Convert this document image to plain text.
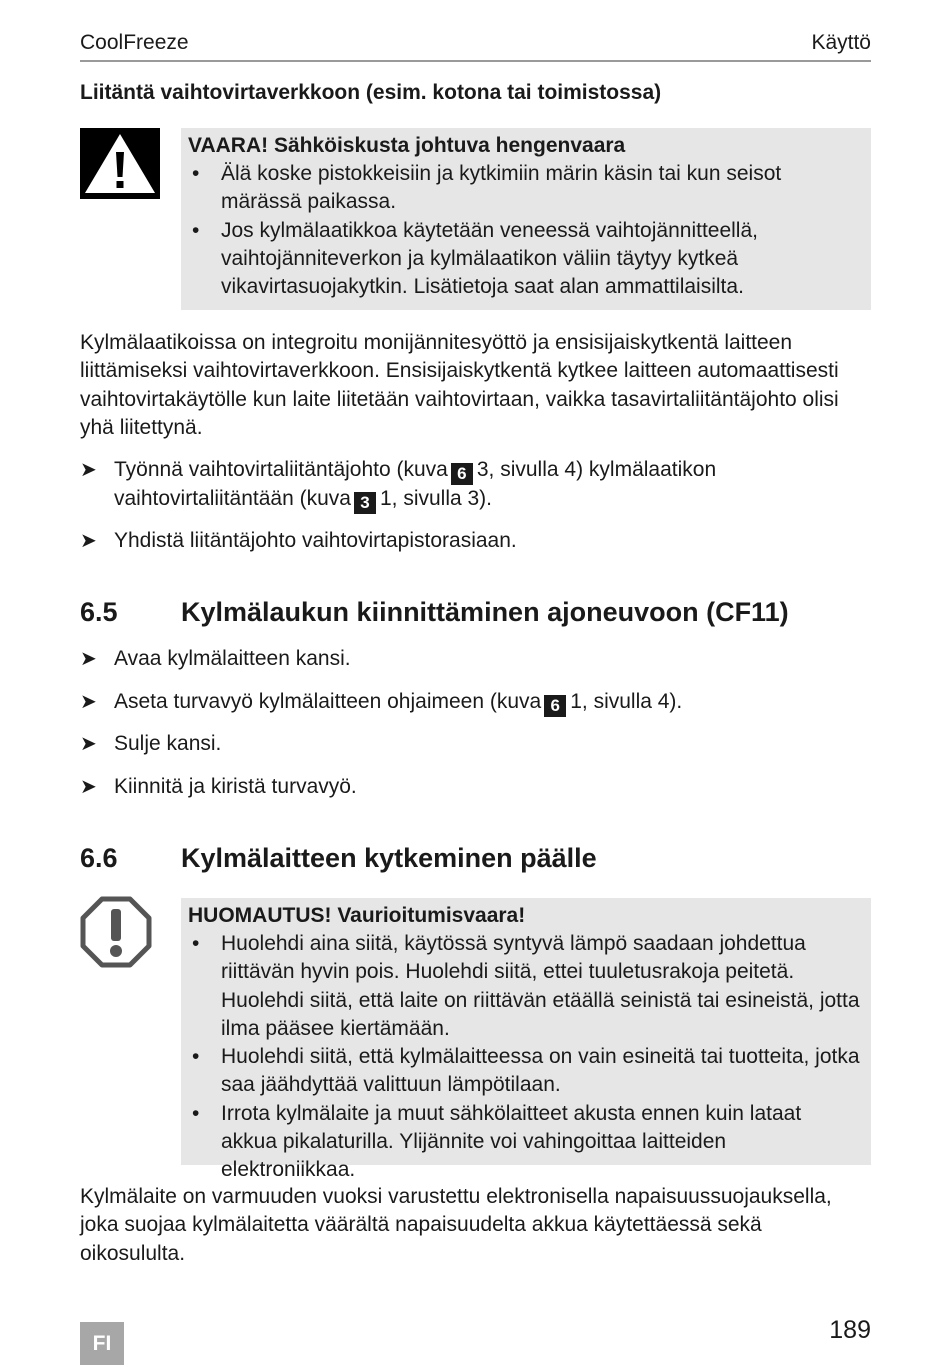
CoolFreeze	Käyttö
Liitäntä vaihtovirtaverkkoon (esim. kotona tai toimistossa)
VAARA! Sähköiskusta johtuva hengenvaara
• Älä koske pistokkeisiin ja kytkimiin märin käsin tai kun seisot märässä paikassa.
• Jos kylmälaatikkoa käytetään veneessä vaihtojännitteellä, vaihtojänniteverkon ja kylmälaatikon väliin täytyy kytkeä vikavirtasuojakytkin. Lisätietoja saat alan ammattilaisilta.
Kylmälaatikoissa on integroitu monijännitesyöttö ja ensisijaiskytkentä laitteen liittämiseksi vaihtovirtaverkkoon. Ensisijaiskytkentä kytkee laitteen automaattisesti vaihtovirtakäytölle kun laite liitetään vaihtovirtaan, vaikka tasavirtaliitäntäjohto olisi yhä liitettynä.
➤ Työnnä vaihtovirtaliitäntäjohto (kuva 6 3, sivulla 4) kylmälaatikon vaihtovirtaliitäntään (kuva 3 1, sivulla 3).
➤ Yhdistä liitäntäjohto vaihtovirtapistorasiaan.
6.5 Kylmälaukun kiinnittäminen ajoneuvoon (CF11)
➤ Avaa kylmälaitteen kansi.
➤ Aseta turvavyö kylmälaitteen ohjaimeen (kuva 6 1, sivulla 4).
➤ Sulje kansi.
➤ Kiinnitä ja kiristä turvavyö.
6.6 Kylmälaitteen kytkeminen päälle
HUOMAUTUS! Vaurioitumisvaara!
• Huolehdi aina siitä, käytössä syntyvä lämpö saadaan johdettua riittävän hyvin pois. Huolehdi siitä, ettei tuuletusrakoja peitetä. Huolehdi siitä, että laite on riittävän etäällä seinistä tai esineistä, jotta ilma pääsee kiertämään.
• Huolehdi siitä, että kylmälaitteessa on vain esineitä tai tuotteita, jotka saa jäähdyttää valittuun lämpötilaan.
• Irrota kylmälaite ja muut sähkölaitteet akusta ennen kuin lataat akkua pikalaturilla. Ylijännite voi vahingoittaa laitteiden elektroniikkaa.
Kylmälaite on varmuuden vuoksi varustettu elektronisella napaisuussuojauksella, joka suojaa kylmälaitetta väärältä napaisuudelta akkua käytettäessä sekä oikosululta.
FI	189
